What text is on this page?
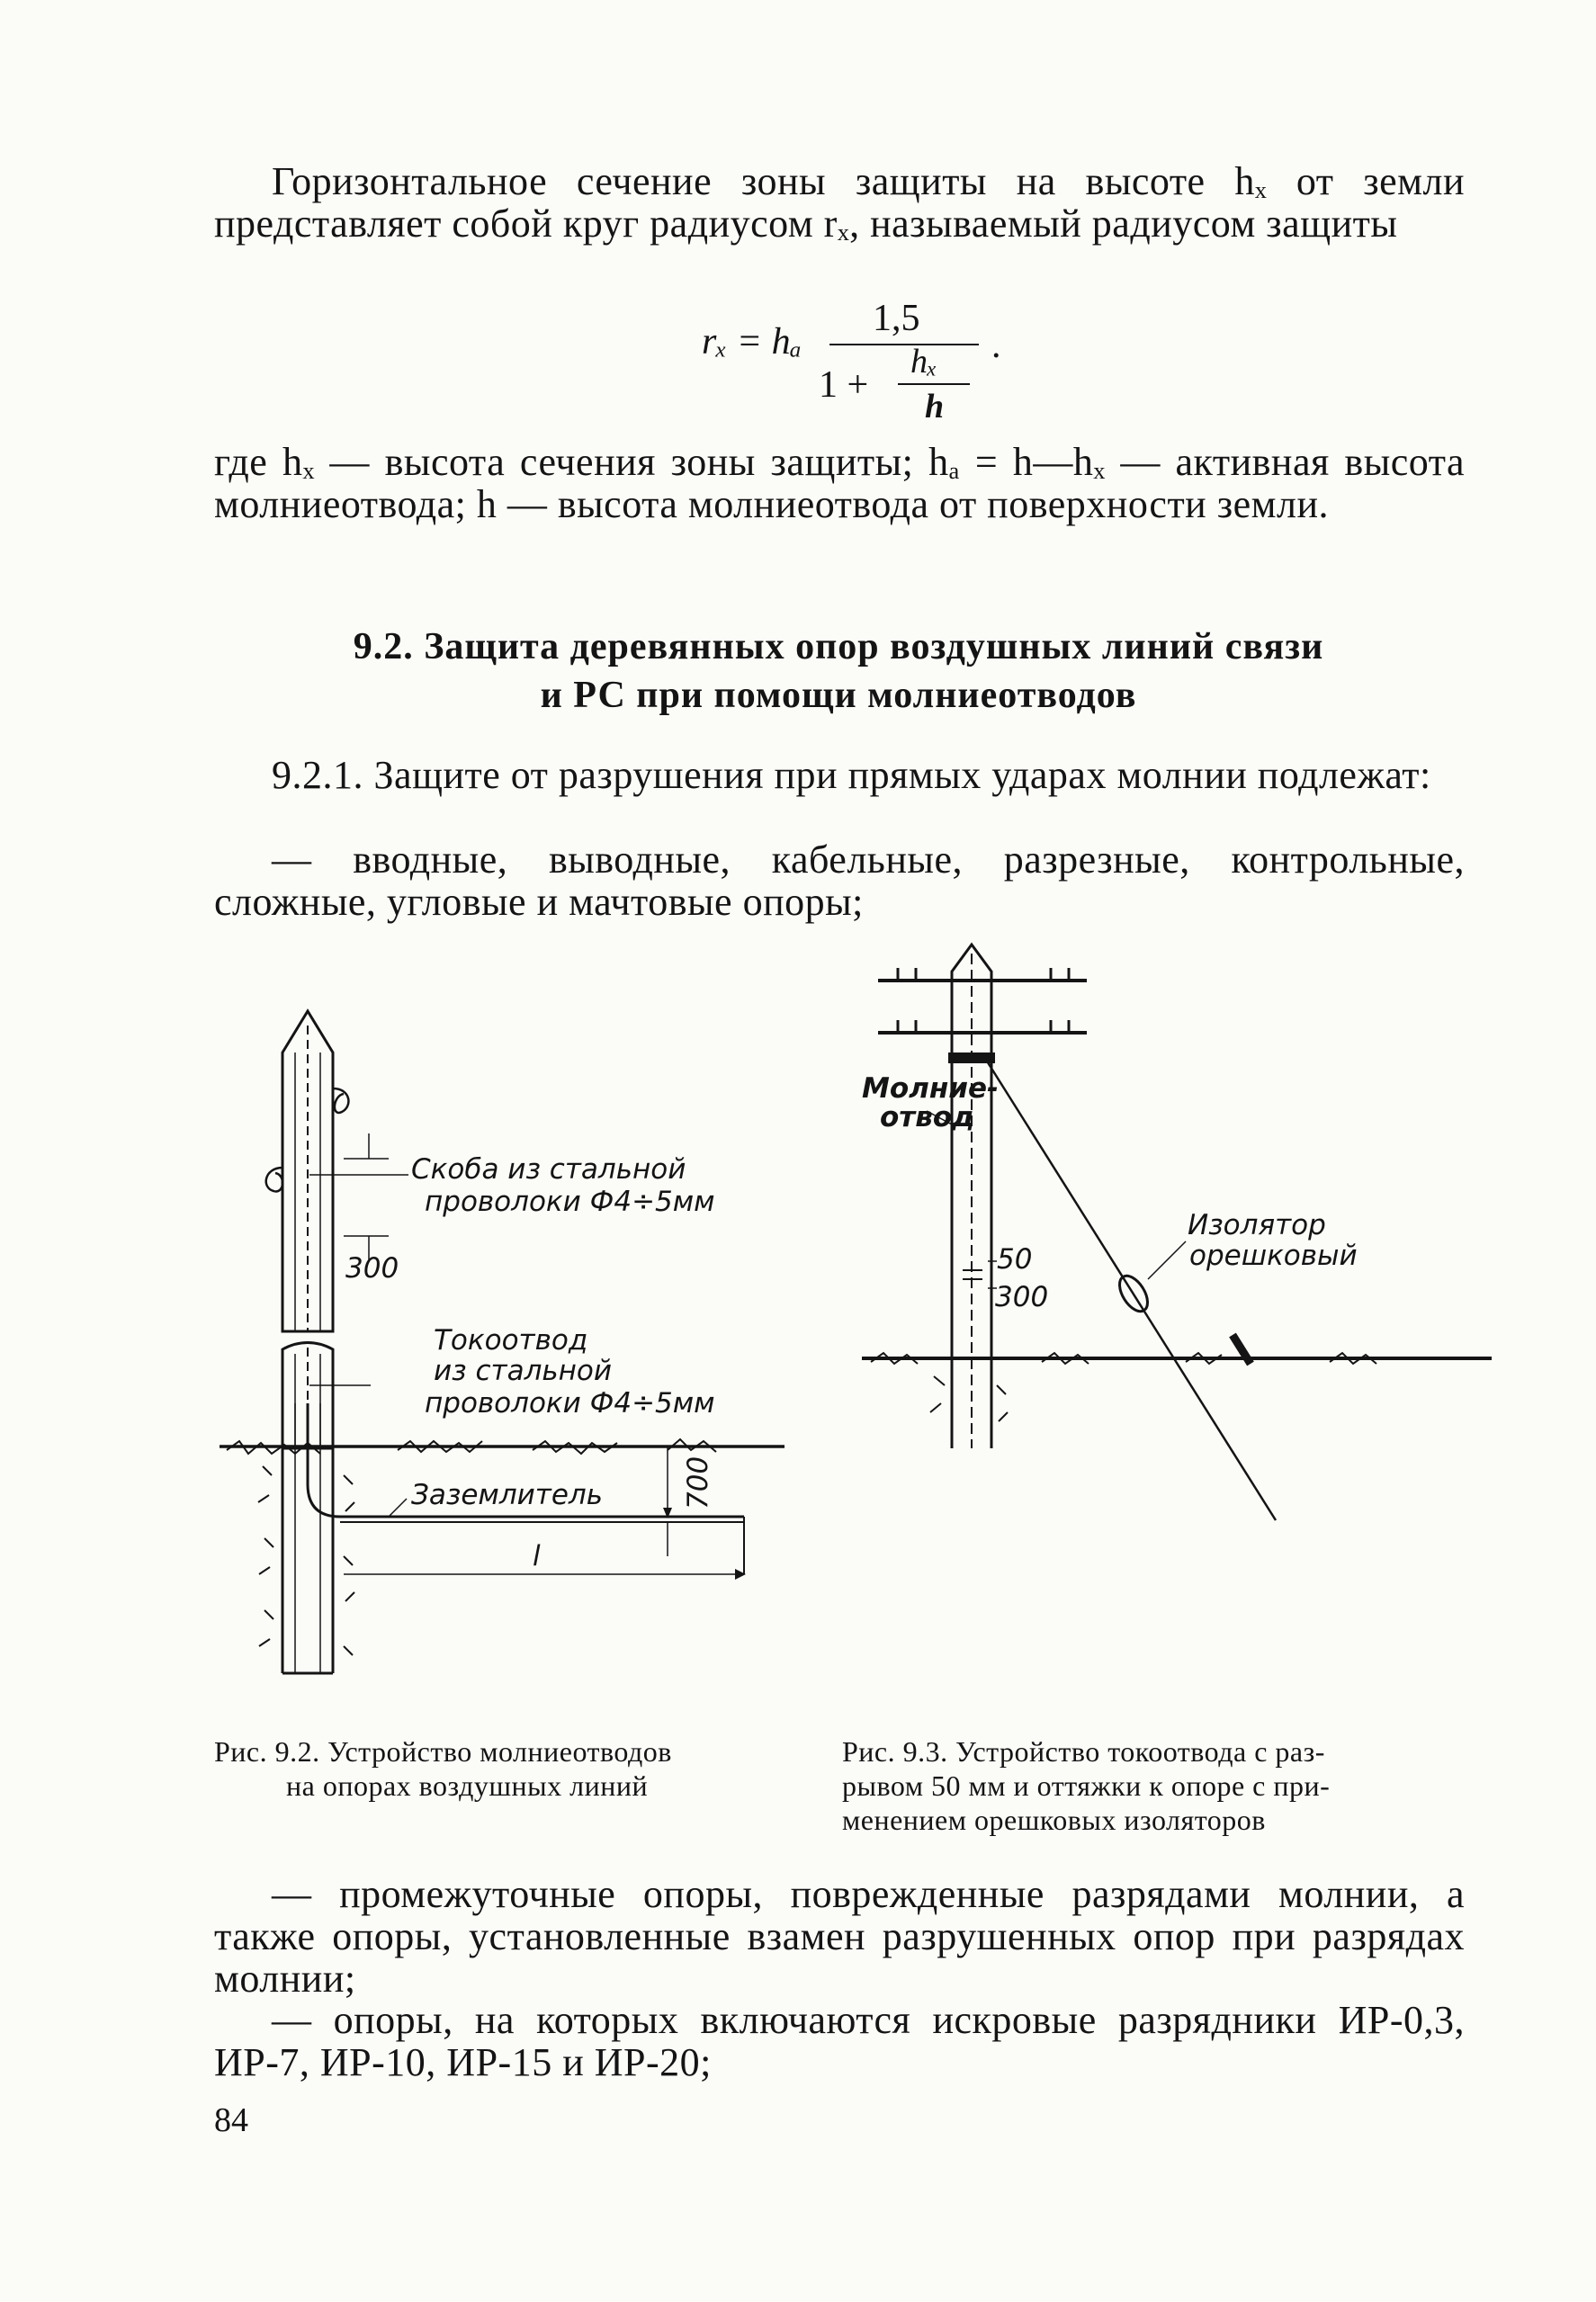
Горизонтальное сечение зоны защиты на высоте hₓ от земли представляет собой круг радиусом rₓ, называемый радиусом защиты
rₓ = hₐ
1,5
1 +
hₓ
h
.
где hₓ — высота сечения зоны защиты; hₐ = h—hₓ — активная высота молниеотвода; h — высота молниеотвода от поверхности земли.
9.2. Защита деревянных опор воздушных линий связи
и РС при помощи молниеотводов
9.2.1. Защите от разрушения при прямых ударах молнии подлежат:
— вводные, выводные, кабельные, разрезные, контрольные, сложные, угловые и мачтовые опоры;
Скоба из стальной
проволоки Ф4÷5мм
300
Токоотвод
из стальной
проволоки Ф4÷5мм
Заземлитель	700
l
Молние-
отвод
Изолятор
орешковый
50
300
Рис. 9.2. Устройство молниеотводов
на опорах воздушных линий
Рис. 9.3. Устройство токоотвода с раз-
рывом 50 мм и оттяжки к опоре с при-
менением орешковых изоляторов
— промежуточные опоры, поврежденные разрядами молнии, а также опоры, установленные взамен разрушенных опор при разрядах молнии;
— опоры, на которых включаются искровые разрядники ИР-0,3, ИР-7, ИР-10, ИР-15 и ИР-20;
84
